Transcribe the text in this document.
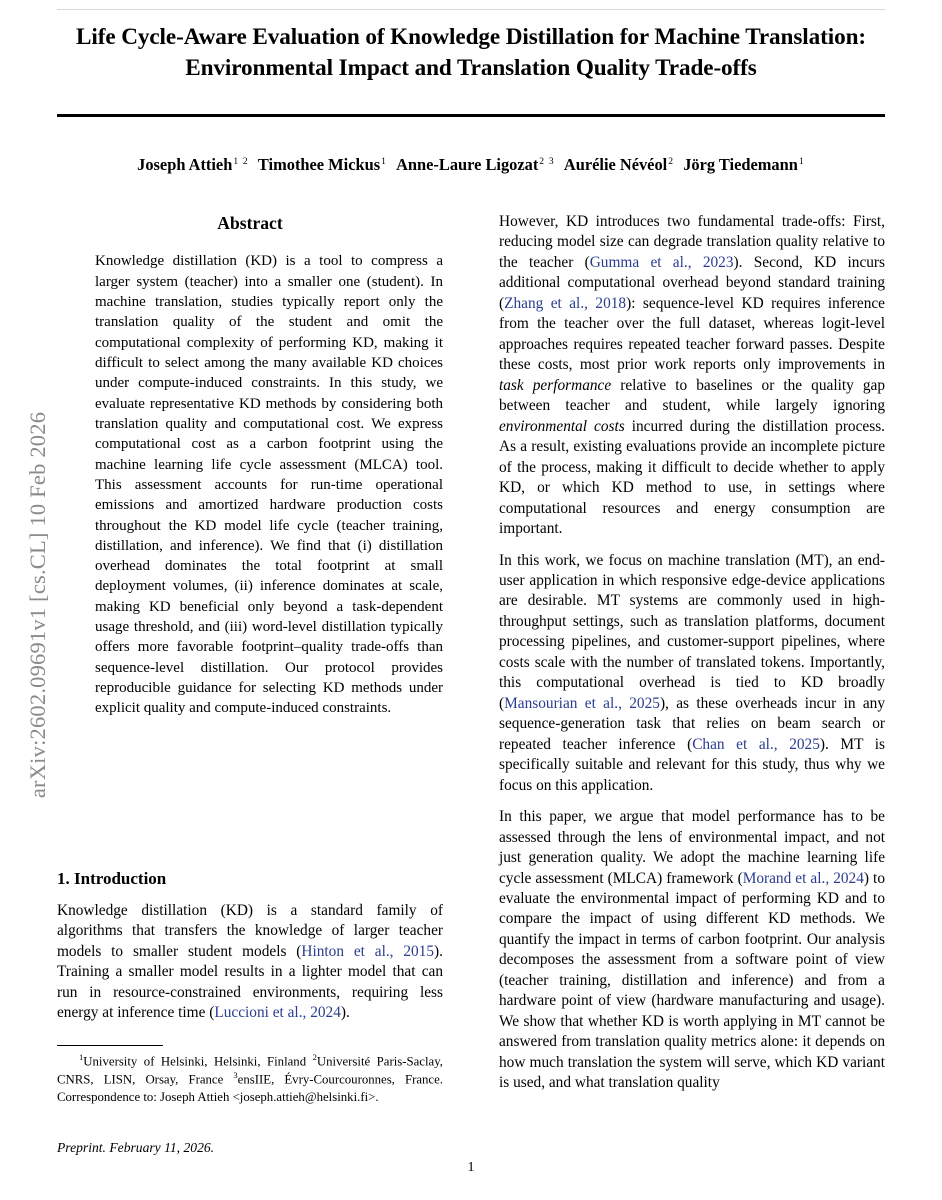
arXiv:2602.09691v1 [cs.CL] 10 Feb 2026
Life Cycle-Aware Evaluation of Knowledge Distillation for Machine Translation:
Environmental Impact and Translation Quality Trade-offs
Joseph Attieh$^{1 2}$ Timothee Mickus$^1$ Anne-Laure Ligozat$^{2 3}$ Aurélie Névéol$^2$ Jörg Tiedemann$^1$
Abstract
Knowledge distillation (KD) is a tool to compress a larger system (teacher) into a smaller one (student). In machine translation, studies typically report only the translation quality of the student and omit the computational complexity of performing KD, making it difficult to select among the many available KD choices under compute-induced constraints. In this study, we evaluate representative KD methods by considering both translation quality and computational cost. We express computational cost as a carbon footprint using the machine learning life cycle assessment (MLCA) tool. This assessment accounts for run-time operational emissions and amortized hardware production costs throughout the KD model life cycle (teacher training, distillation, and inference). We find that (i) distillation overhead dominates the total footprint at small deployment volumes, (ii) inference dominates at scale, making KD beneficial only beyond a task-dependent usage threshold, and (iii) word-level distillation typically offers more favorable footprint–quality trade-offs than sequence-level distillation. Our protocol provides reproducible guidance for selecting KD methods under explicit quality and compute-induced constraints.
1. Introduction

Knowledge distillation (KD) is a standard family of algorithms that transfers the knowledge of larger teacher models to smaller student models (Hinton et al., 2015). Training a smaller model results in a lighter model that can run in resource-constrained environments, requiring less energy at inference time (Luccioni et al., 2024).

$^1$University of Helsinki, Helsinki, Finland $^2$Université Paris-Saclay, CNRS, LISN, Orsay, France $^3$ensIIE, Évry-Courcouronnes, France. Correspondence to: Joseph Attieh <joseph.attieh@helsinki.fi>.
Preprint. February 11, 2026.

However, KD introduces two fundamental trade-offs: First, reducing model size can degrade translation quality relative to the teacher (Gumma et al., 2023). Second, KD incurs additional computational overhead beyond standard training (Zhang et al., 2018): sequence-level KD requires inference from the teacher over the full dataset, whereas logit-level approaches requires repeated teacher forward passes. Despite these costs, most prior work reports only improvements in task performance relative to baselines or the quality gap between teacher and student, while largely ignoring environmental costs incurred during the distillation process. As a result, existing evaluations provide an incomplete picture of the process, making it difficult to decide whether to apply KD, or which KD method to use, in settings where computational resources and energy consumption are important.

In this work, we focus on machine translation (MT), an end-user application in which responsive edge-device applications are desirable. MT systems are commonly used in high-throughput settings, such as translation platforms, document processing pipelines, and customer-support pipelines, where costs scale with the number of translated tokens. Importantly, this computational overhead is tied to KD broadly (Mansourian et al., 2025), as these overheads incur in any sequence-generation task that relies on beam search or repeated teacher inference (Chan et al., 2025). MT is specifically suitable and relevant for this study, thus why we focus on this application.

In this paper, we argue that model performance has to be assessed through the lens of environmental impact, and not just generation quality. We adopt the machine learning life cycle assessment (MLCA) framework (Morand et al., 2024) to evaluate the environmental impact of performing KD and to compare the impact of using different KD methods. We quantify the impact in terms of carbon footprint. Our analysis decomposes the assessment from a software point of view (teacher training, distillation and inference) and from a hardware point of view (hardware manufacturing and usage). We show that whether KD is worth applying in MT cannot be answered from translation quality metrics alone: it depends on how much translation the system will serve, which KD variant is used, and what translation quality

1
